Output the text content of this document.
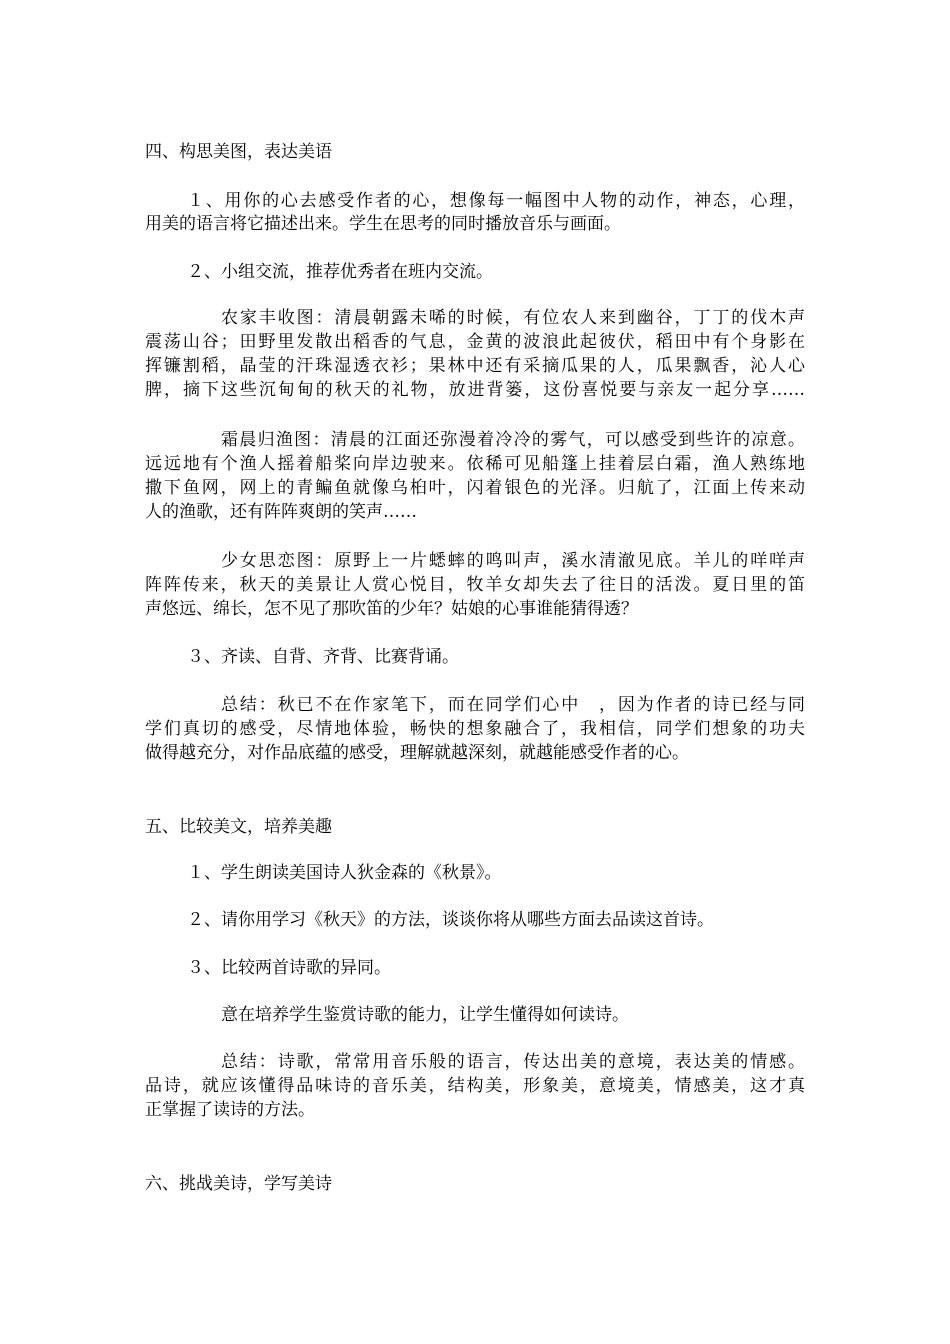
四、构思美图，表达美语
１、用你的心去感受作者的心，想像每一幅图中人物的动作，神态，心理，
用美的语言将它描述出来。学生在思考的同时播放音乐与画面。
２、小组交流，推荐优秀者在班内交流。
农家丰收图：清晨朝露未唏的时候，有位农人来到幽谷，丁丁的伐木声
震荡山谷；田野里发散出稻香的气息，金黄的波浪此起彼伏，稻田中有个身影在
挥镰割稻，晶莹的汗珠湿透衣衫；果林中还有采摘瓜果的人，瓜果飘香，沁人心
脾，摘下这些沉甸甸的秋天的礼物，放进背篓，这份喜悦要与亲友一起分享……
霜晨归渔图：清晨的江面还弥漫着冷冷的雾气，可以感受到些许的凉意。
远远地有个渔人摇着船桨向岸边驶来。依稀可见船篷上挂着层白霜，渔人熟练地
撒下鱼网，网上的青鳊鱼就像乌桕叶，闪着银色的光泽。归航了，江面上传来动
人的渔歌，还有阵阵爽朗的笑声……
少女思恋图：原野上一片蟋蟀的鸣叫声，溪水清澈见底。羊儿的咩咩声
阵阵传来，秋天的美景让人赏心悦目，牧羊女却失去了往日的活泼。夏日里的笛
声悠远、绵长，怎不见了那吹笛的少年？姑娘的心事谁能猜得透？
３、齐读、自背、齐背、比赛背诵。
总结：秋已不在作家笔下，而在同学们心中　，因为作者的诗已经与同
学们真切的感受，尽情地体验，畅快的想象融合了，我相信，同学们想象的功夫
做得越充分，对作品底蕴的感受，理解就越深刻，就越能感受作者的心。
五、比较美文，培养美趣
１、学生朗读美国诗人狄金森的《秋景》。
２、请你用学习《秋天》的方法，谈谈你将从哪些方面去品读这首诗。
３、比较两首诗歌的异同。
意在培养学生鉴赏诗歌的能力，让学生懂得如何读诗。
总结：诗歌，常常用音乐般的语言，传达出美的意境，表达美的情感。
品诗，就应该懂得品味诗的音乐美，结构美，形象美，意境美，情感美，这才真
正掌握了读诗的方法。
六、挑战美诗，学写美诗
